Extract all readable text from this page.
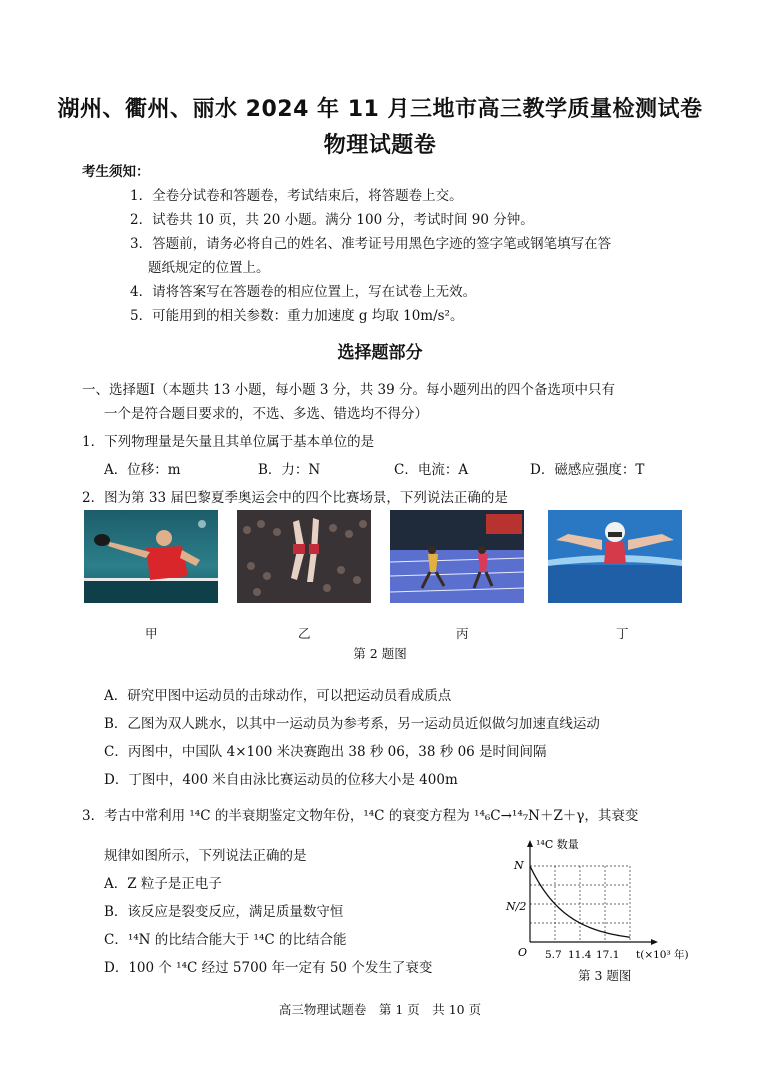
湖州、衢州、丽水 2024 年 11 月三地市高三教学质量检测试卷
物理试题卷
考生须知：
1．全卷分试卷和答题卷，考试结束后，将答题卷上交。
2．试卷共 10 页，共 20 小题。满分 100 分，考试时间 90 分钟。
3．答题前，请务必将自己的姓名、准考证号用黑色字迹的签字笔或钢笔填写在答
题纸规定的位置上。
4．请将答案写在答题卷的相应位置上，写在试卷上无效。
5．可能用到的相关参数：重力加速度 g 均取 10m/s²。
选择题部分
一、选择题Ⅰ（本题共 13 小题，每小题 3 分，共 39 分。每小题列出的四个备选项中只有
一个是符合题目要求的，不选、多选、错选均不得分）
1．下列物理量是矢量且其单位属于基本单位的是
A．位移：m	B．力：N	C．电流：A	D．磁感应强度：T
2．图为第 33 届巴黎夏季奥运会中的四个比赛场景，下列说法正确的是
甲	乙	丙	丁
第 2 题图
A．研究甲图中运动员的击球动作，可以把运动员看成质点
B．乙图为双人跳水，以其中一运动员为参考系，另一运动员近似做匀加速直线运动
C．丙图中，中国队 4×100 米决赛跑出 38 秒 06，38 秒 06 是时间间隔
D．丁图中，400 米自由泳比赛运动员的位移大小是 400m
3．考古中常利用 ¹⁴C 的半衰期鉴定文物年份，¹⁴C 的衰变方程为 ¹⁴₆C→¹⁴₇N＋Z＋γ，其衰变
规律如图所示，下列说法正确的是
A．Z 粒子是正电子
B．该反应是裂变反应，满足质量数守恒
C．¹⁴N 的比结合能大于 ¹⁴C 的比结合能
D．100 个 ¹⁴C 经过 5700 年一定有 50 个发生了衰变
¹⁴C 数量
N
N/2
O 5.7 11.4 17.1 t(×10³ 年)
第 3 题图
高三物理试题卷　第 1 页　共 10 页
